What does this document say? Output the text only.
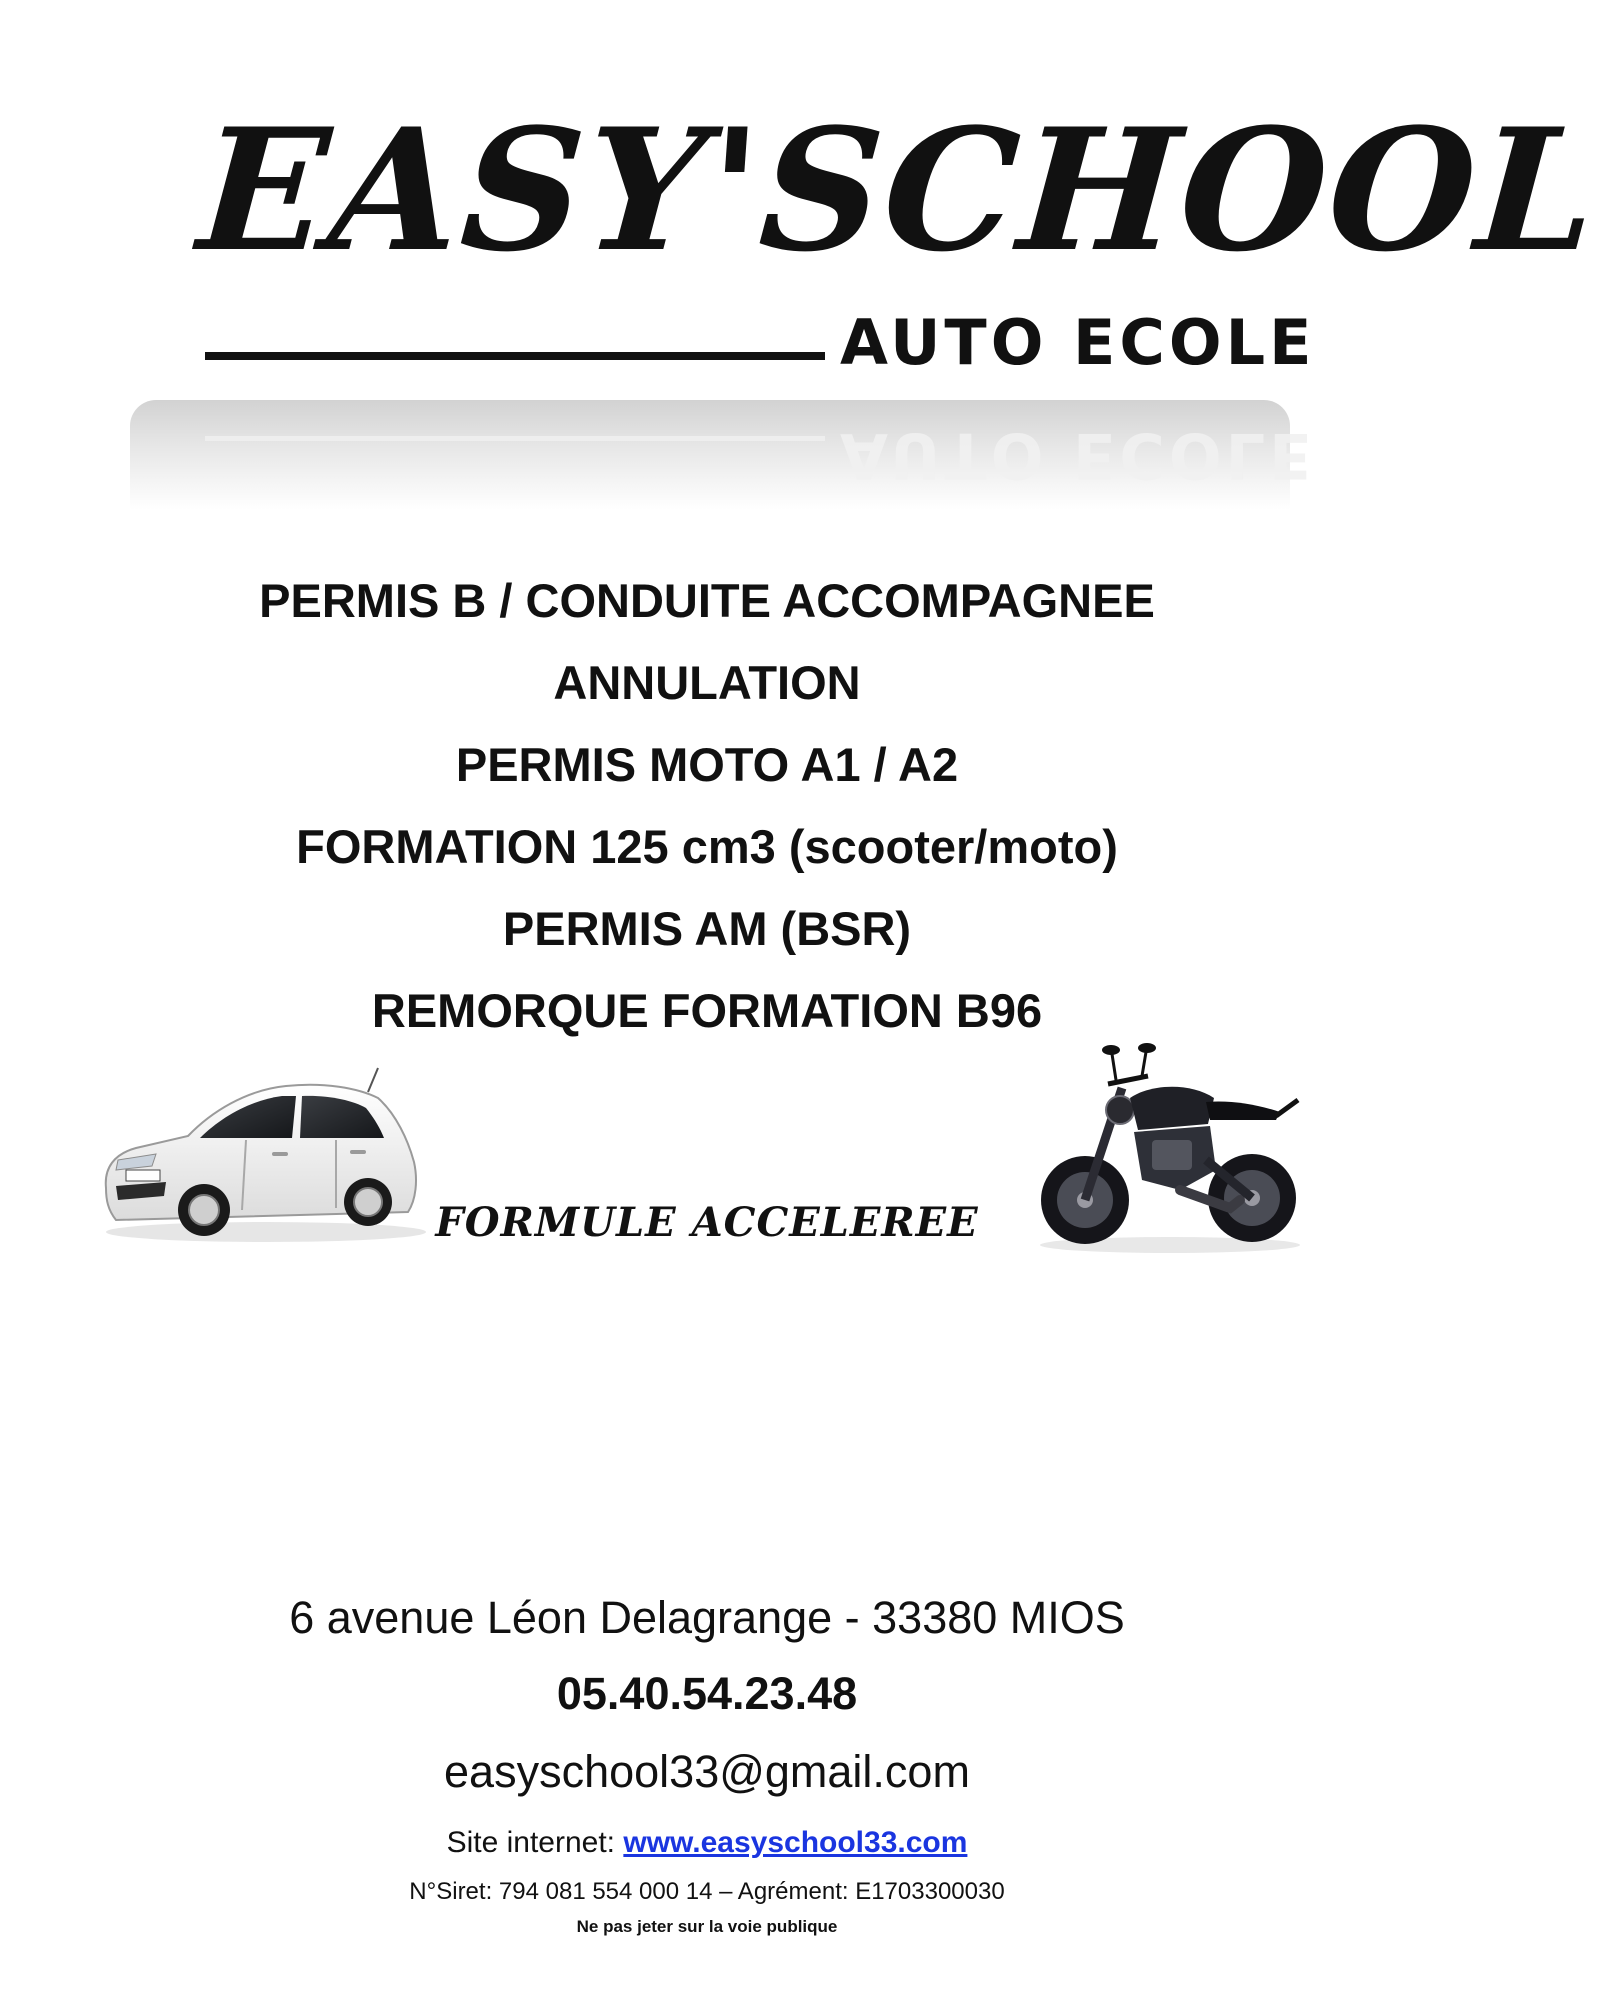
EASY'SCHOOL
AUTO ECOLE
AUTO ECOLE
PERMIS B / CONDUITE ACCOMPAGNEE
ANNULATION
PERMIS MOTO A1 / A2
FORMATION 125 cm3 (scooter/moto)
PERMIS AM (BSR)
REMORQUE FORMATION B96
FORMULE ACCELEREE
6 avenue Léon Delagrange - 33380 MIOS
05.40.54.23.48
easyschool33@gmail.com
Site internet: www.easyschool33.com
N°Siret: 794 081 554 000 14 – Agrément: E1703300030
Ne pas jeter sur la voie publique
